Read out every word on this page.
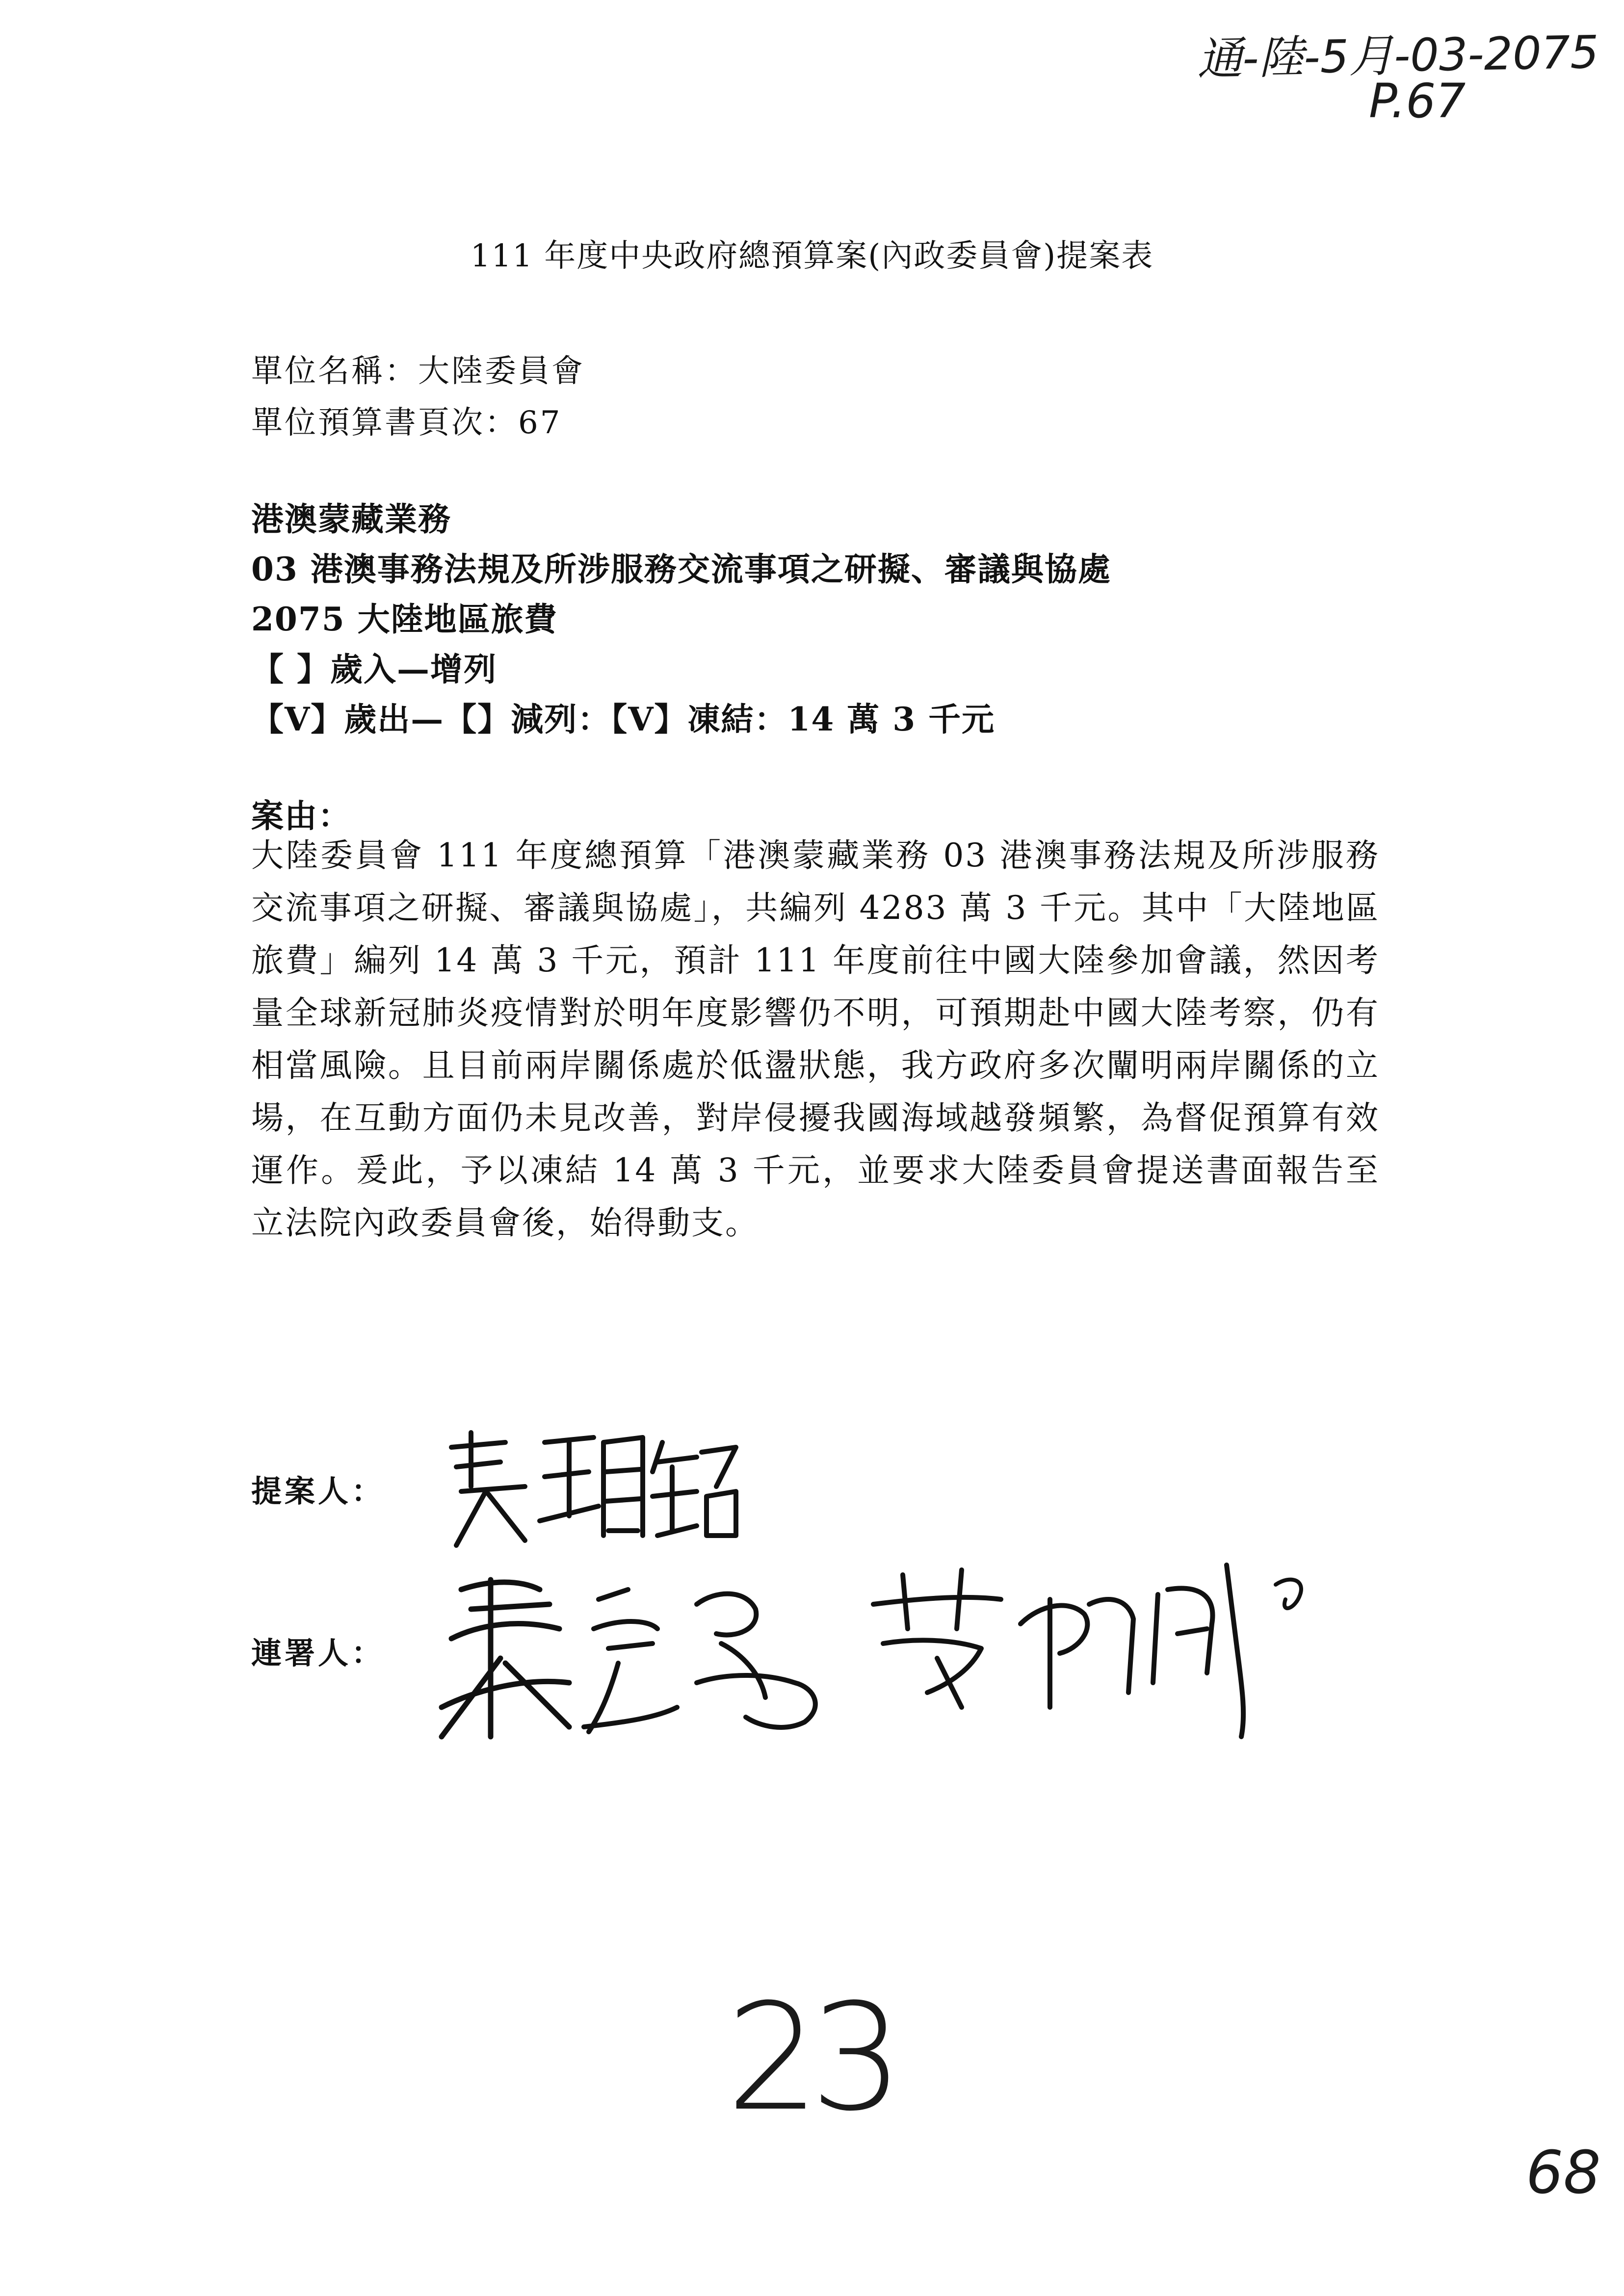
通-陸-5月-03-2075
P.67
111 年度中央政府總預算案(內政委員會)提案表
單位名稱：大陸委員會
單位預算書頁次：67
港澳蒙藏業務
03 港澳事務法規及所涉服務交流事項之研擬、審議與協處
2075 大陸地區旅費
【 】歲入—增列
【V】歲出—【】減列：【V】凍結：14 萬 3 千元
案由：
大陸委員會 111 年度總預算「港澳蒙藏業務 03 港澳事務法規及所涉服務交流事項之研擬、審議與協處」，共編列 4283 萬 3 千元。其中「大陸地區旅費」編列 14 萬 3 千元，預計 111 年度前往中國大陸參加會議，然因考量全球新冠肺炎疫情對於明年度影響仍不明，可預期赴中國大陸考察，仍有相當風險。且目前兩岸關係處於低盪狀態，我方政府多次闡明兩岸關係的立場，在互動方面仍未見改善，對岸侵擾我國海域越發頻繁，為督促預算有效運作。爰此，予以凍結 14 萬 3 千元，並要求大陸委員會提送書面報告至立法院內政委員會後，始得動支。
提案人：
連署人：
23
68
